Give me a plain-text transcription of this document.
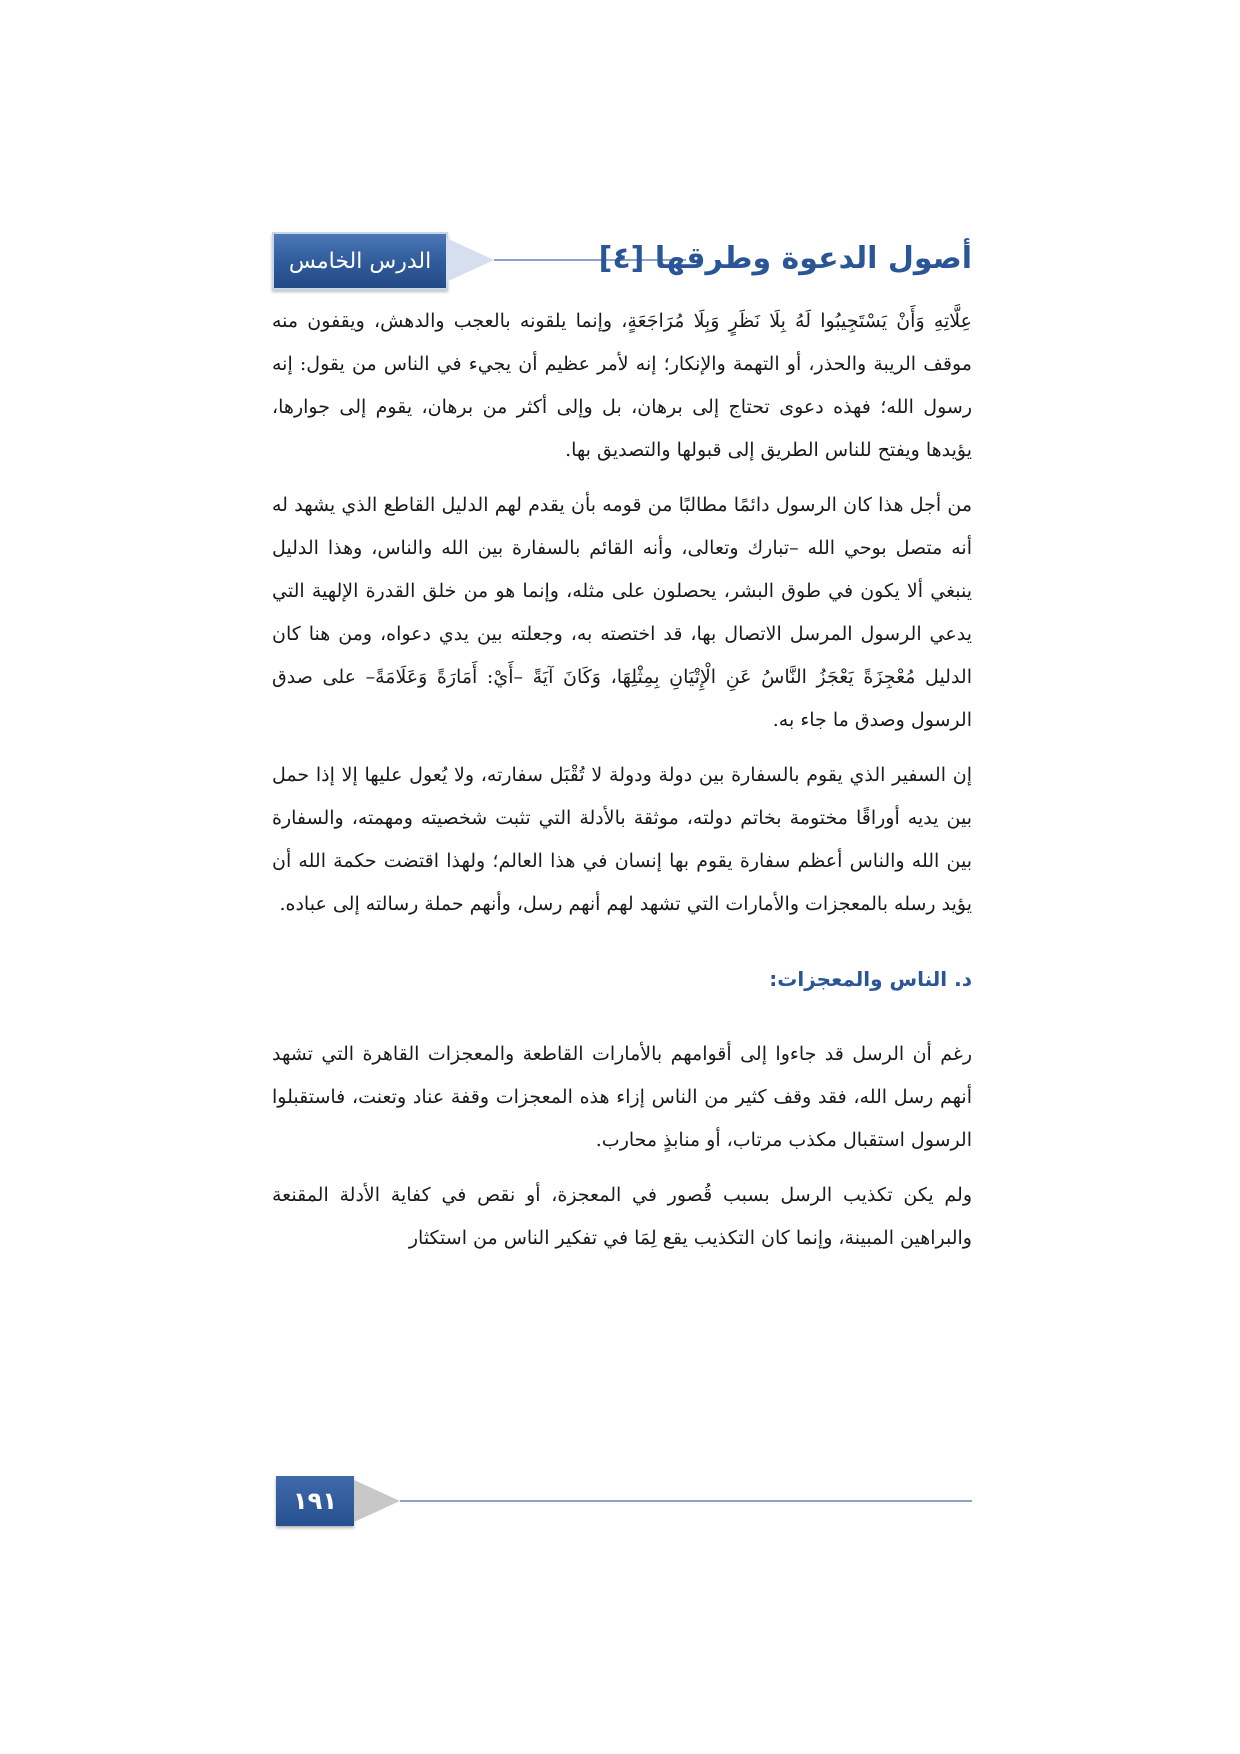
الدرس الخامس	أصول الدعوة وطرقها [٤]

عِلَّاتِهِ وَأَنْ يَسْتَجِيبُوا لَهُ بِلَا نَظَرٍ وَبِلَا مُرَاجَعَةٍ، وإنما يلقونه بالعجب والدهش، ويقفون منه موقف الريبة والحذر، أو التهمة والإنكار؛ إنه لأمر عظيم أن يجيء في الناس من يقول: إنه رسول الله؛ فهذه دعوى تحتاج إلى برهان، بل وإلى أكثر من برهان، يقوم إلى جوارها، يؤيدها ويفتح للناس الطريق إلى قبولها والتصديق بها.

من أجل هذا كان الرسول دائمًا مطالبًا من قومه بأن يقدم لهم الدليل القاطع الذي يشهد له أنه متصل بوحي الله –تبارك وتعالى، وأنه القائم بالسفارة بين الله والناس، وهذا الدليل ينبغي ألا يكون في طوق البشر، يحصلون على مثله، وإنما هو من خلق القدرة الإلهية التي يدعي الرسول المرسل الاتصال بها، قد اختصته به، وجعلته بين يدي دعواه، ومن هنا كان الدليل مُعْجِزَةً يَعْجَزُ النَّاسُ عَنِ الْإِتْيَانِ بِمِثْلِهَا، وَكَانَ آيَةً –أَيْ: أَمَارَةً وَعَلَامَةً– على صدق الرسول وصدق ما جاء به.

إن السفير الذي يقوم بالسفارة بين دولة ودولة لا تُقْبَل سفارته، ولا يُعول عليها إلا إذا حمل بين يديه أوراقًا مختومة بخاتم دولته، موثقة بالأدلة التي تثبت شخصيته ومهمته، والسفارة بين الله والناس أعظم سفارة يقوم بها إنسان في هذا العالم؛ ولهذا اقتضت حكمة الله أن يؤيد رسله بالمعجزات والأمارات التي تشهد لهم أنهم رسل، وأنهم حملة رسالته إلى عباده.

د. الناس والمعجزات:

رغم أن الرسل قد جاءوا إلى أقوامهم بالأمارات القاطعة والمعجزات القاهرة التي تشهد أنهم رسل الله، فقد وقف كثير من الناس إزاء هذه المعجزات وقفة عناد وتعنت، فاستقبلوا الرسول استقبال مكذب مرتاب، أو منابذٍ محارب.

ولم يكن تكذيب الرسل بسبب قُصور في المعجزة، أو نقص في كفاية الأدلة المقنعة والبراهين المبينة، وإنما كان التكذيب يقع لِمَا في تفكير الناس من استكثار

١٩١
